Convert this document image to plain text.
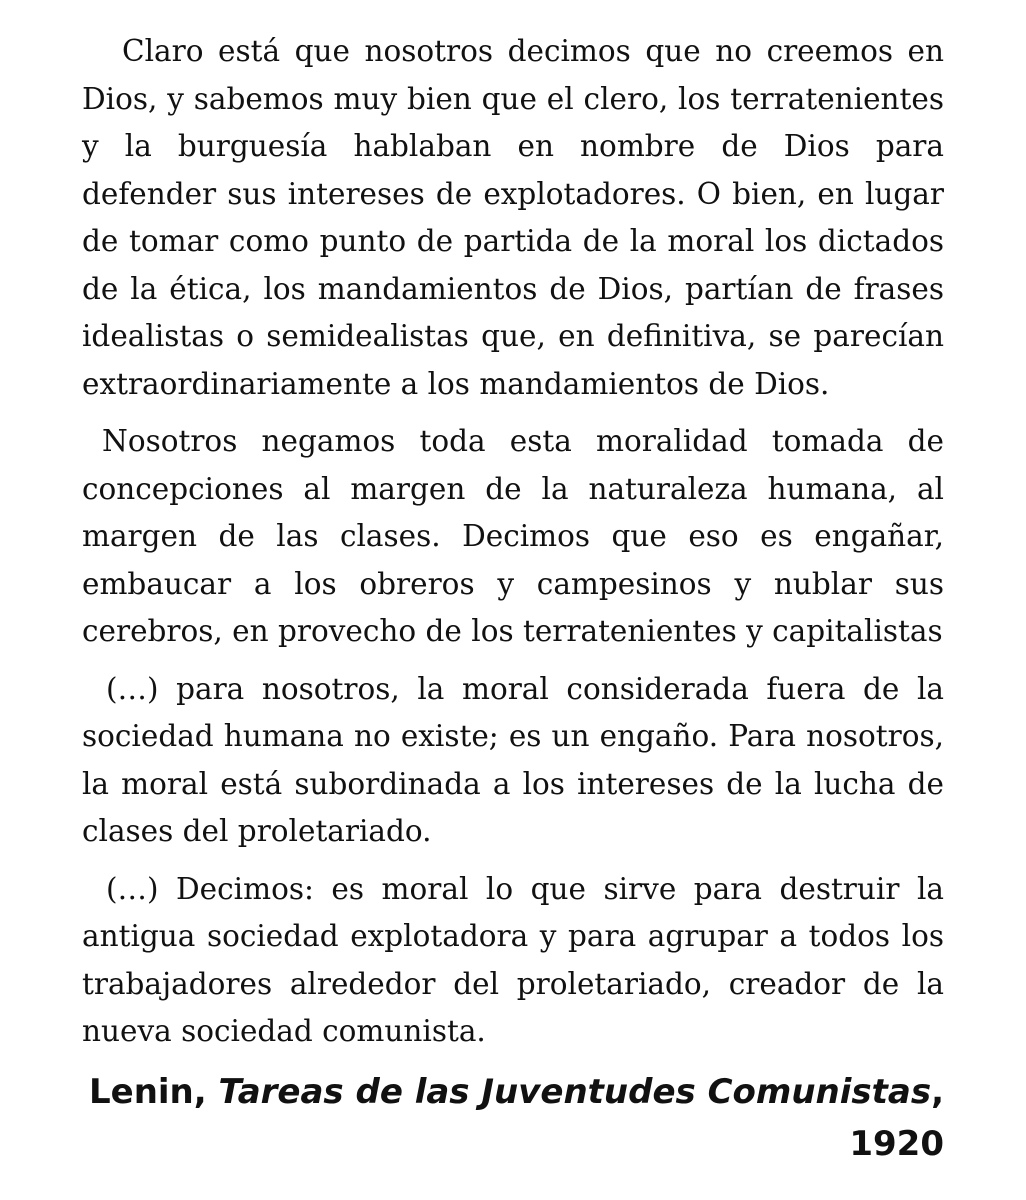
Claro está que nosotros decimos que no creemos en Dios, y sabemos muy bien que el clero, los terratenientes y la burguesía hablaban en nombre de Dios para defender sus intereses de explotadores. O bien, en lugar de tomar como punto de partida de la moral los dictados de la ética, los mandamientos de Dios, partían de frases idealistas o semidealistas que, en definitiva, se parecían extraordinariamente a los mandamientos de Dios.

Nosotros negamos toda esta moralidad tomada de concepciones al margen de la naturaleza humana, al margen de las clases. Decimos que eso es engañar, embaucar a los obreros y campesinos y nublar sus cerebros, en provecho de los terratenientes y capitalistas

(…) para nosotros, la moral considerada fuera de la sociedad humana no existe; es un engaño. Para nosotros, la moral está subordinada a los intereses de la lucha de clases del proletariado.

(…) Decimos: es moral lo que sirve para destruir la antigua sociedad explotadora y para agrupar a todos los trabajadores alrededor del proletariado, creador de la nueva sociedad comunista.

Lenin, Tareas de las Juventudes Comunistas,
1920
